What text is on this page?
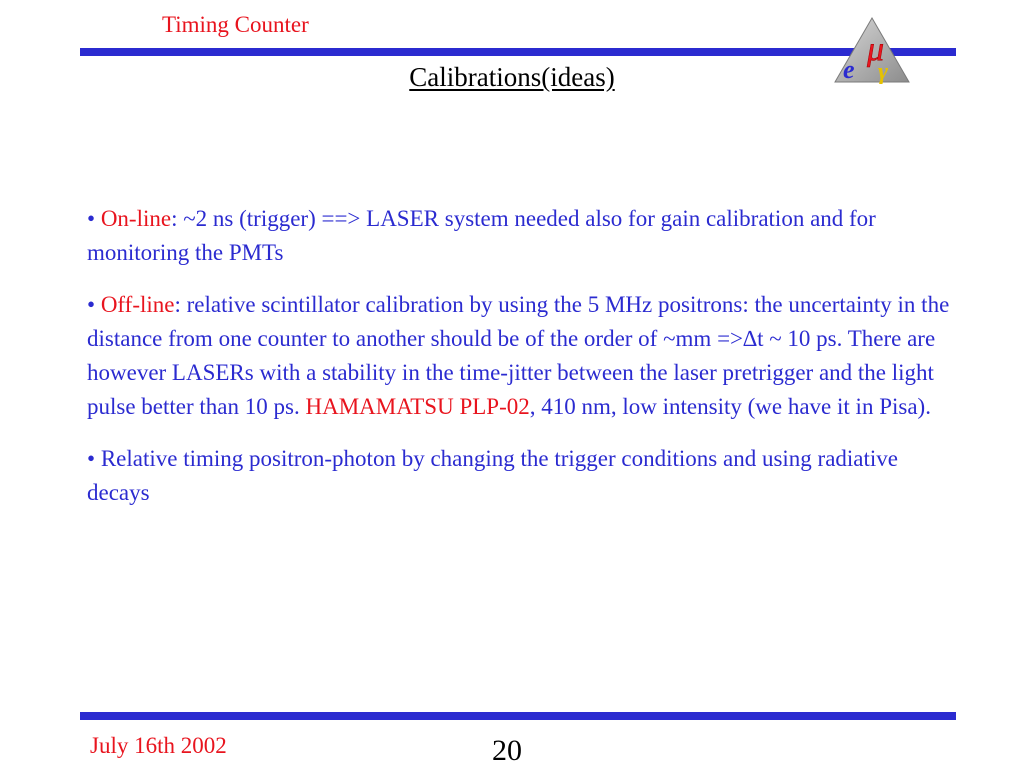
Timing Counter
μ
e γ
Calibrations(ideas)

• On-line: ~2 ns (trigger) ==> LASER system needed also for gain calibration and for monitoring the PMTs

• Off-line: relative scintillator calibration by using the 5 MHz positrons: the uncertainty in the distance from one counter to another should be of the order of ~mm =>∆t ~ 10 ps. There are however LASERs with a stability in the time-jitter between the laser pretrigger and the light pulse better than 10 ps. HAMAMATSU PLP-02, 410 nm, low intensity (we have it in Pisa).

• Relative timing positron-photon by changing the trigger conditions and using radiative decays

July 16th 2002	20
